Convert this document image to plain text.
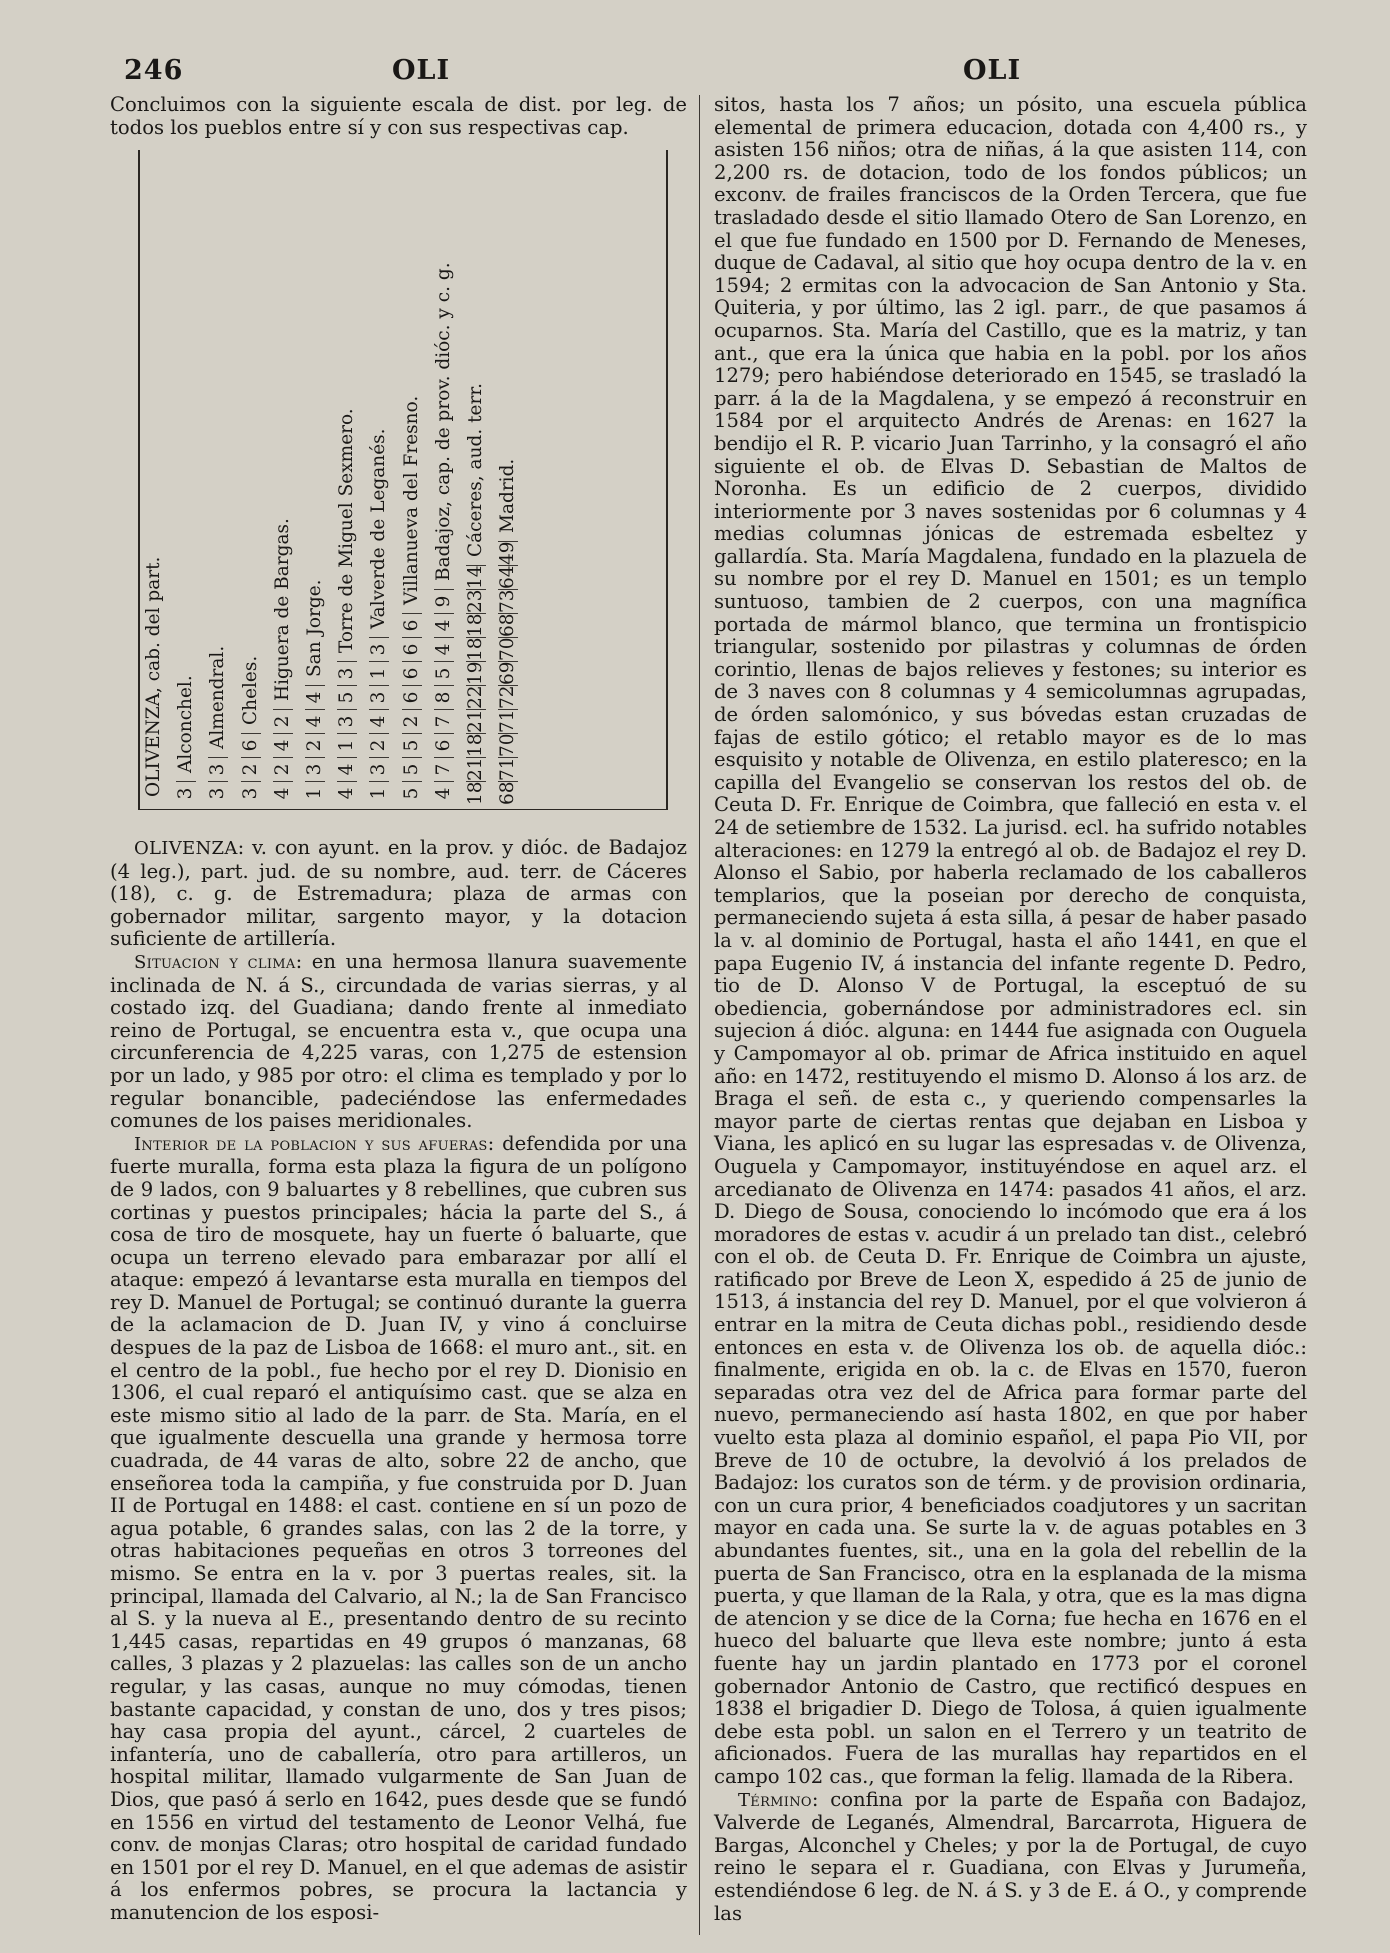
246	OLI	OLI

Concluimos con la siguiente escala de dist. por leg. de todos los pueblos entre sí y con sus respectivas cap.

OLIVENZA, cab. del part. 3
Alconchel.
3
3
Almendral.
3
2
6
Cheles.
4
2
4
2
Higuera de Bargas.
1
3
2
4
4
San Jorge.
4
4
1
3
5
3
Torre de Miguel Sexmero.
1
3
2
4
3
1
3
Valverde de Leganés.
5
5
5
2
6
6
6
6
Villanueva del Fresno.
4
7
6
7
8
5
4
4
9
Badajoz, cap. de prov. dióc. y c. g.
18
21
18
21
22
19
18
18
23
14
Cáceres, aud. terr.
68
71
70
71
72
69
70
68
73
64
49
Madrid.

OLIVENZA: v. con ayunt. en la prov. y dióc. de Badajoz (4 leg.), part. jud. de su nombre, aud. terr. de Cáceres (18), c. g. de Estremadura; plaza de armas con gobernador militar, sargento mayor, y la dotacion suficiente de artillería.

Situacion y clima: en una hermosa llanura suavemente inclinada de N. á S., circundada de varias sierras, y al costado izq. del Guadiana; dando frente al inmediato reino de Portugal, se encuentra esta v., que ocupa una circunferencia de 4,225 varas, con 1,275 de estension por un lado, y 985 por otro: el clima es templado y por lo regular bonancible, padeciéndose las enfermedades comunes de los paises meridionales.

Interior de la poblacion y sus afueras: defendida por una fuerte muralla, forma esta plaza la figura de un polígono de 9 lados, con 9 baluartes y 8 rebellines, que cubren sus cortinas y puestos principales; hácia la parte del S., á cosa de tiro de mosquete, hay un fuerte ó baluarte, que ocupa un terreno elevado para embarazar por allí el ataque: empezó á levantarse esta muralla en tiempos del rey D. Manuel de Portugal; se continuó durante la guerra de la aclamacion de D. Juan IV, y vino á concluirse despues de la paz de Lisboa de 1668: el muro ant., sit. en el centro de la pobl., fue hecho por el rey D. Dionisio en 1306, el cual reparó el antiquísimo cast. que se alza en este mismo sitio al lado de la parr. de Sta. María, en el que igualmente descuella una grande y hermosa torre cuadrada, de 44 varas de alto, sobre 22 de ancho, que enseñorea toda la campiña, y fue construida por D. Juan II de Portugal en 1488: el cast. contiene en sí un pozo de agua potable, 6 grandes salas, con las 2 de la torre, y otras habitaciones pequeñas en otros 3 torreones del mismo. Se entra en la v. por 3 puertas reales, sit. la principal, llamada del Calvario, al N.; la de San Francisco al S. y la nueva al E., presentando dentro de su recinto 1,445 casas, repartidas en 49 grupos ó manzanas, 68 calles, 3 plazas y 2 plazuelas: las calles son de un ancho regular, y las casas, aunque no muy cómodas, tienen bastante capacidad, y constan de uno, dos y tres pisos; hay casa propia del ayunt., cárcel, 2 cuarteles de infantería, uno de caballería, otro para artilleros, un hospital militar, llamado vulgarmente de San Juan de Dios, que pasó á serlo en 1642, pues desde que se fundó en 1556 en virtud del testamento de Leonor Velhá, fue conv. de monjas Claras; otro hospital de caridad fundado en 1501 por el rey D. Manuel, en el que ademas de asistir á los enfermos pobres, se procura la lactancia y manutencion de los esposi-

sitos, hasta los 7 años; un pósito, una escuela pública elemental de primera educacion, dotada con 4,400 rs., y asisten 156 niños; otra de niñas, á la que asisten 114, con 2,200 rs. de dotacion, todo de los fondos públicos; un exconv. de frailes franciscos de la Orden Tercera, que fue trasladado desde el sitio llamado Otero de San Lorenzo, en el que fue fundado en 1500 por D. Fernando de Meneses, duque de Cadaval, al sitio que hoy ocupa dentro de la v. en 1594; 2 ermitas con la advocacion de San Antonio y Sta. Quiteria, y por último, las 2 igl. parr., de que pasamos á ocuparnos. Sta. María del Castillo, que es la matriz, y tan ant., que era la única que habia en la pobl. por los años 1279; pero habiéndose deteriorado en 1545, se trasladó la parr. á la de la Magdalena, y se empezó á reconstruir en 1584 por el arquitecto Andrés de Arenas: en 1627 la bendijo el R. P. vicario Juan Tarrinho, y la consagró el año siguiente el ob. de Elvas D. Sebastian de Maltos de Noronha. Es un edificio de 2 cuerpos, dividido interiormente por 3 naves sostenidas por 6 columnas y 4 medias columnas jónicas de estremada esbeltez y gallardía. Sta. María Magdalena, fundado en la plazuela de su nombre por el rey D. Manuel en 1501; es un templo suntuoso, tambien de 2 cuerpos, con una magnífica portada de mármol blanco, que termina un frontispicio triangular, sostenido por pilastras y columnas de órden corintio, llenas de bajos relieves y festones; su interior es de 3 naves con 8 columnas y 4 semicolumnas agrupadas, de órden salomónico, y sus bóvedas estan cruzadas de fajas de estilo gótico; el retablo mayor es de lo mas esquisito y notable de Olivenza, en estilo plateresco; en la capilla del Evangelio se conservan los restos del ob. de Ceuta D. Fr. Enrique de Coimbra, que falleció en esta v. el 24 de setiembre de 1532. La jurisd. ecl. ha sufrido notables alteraciones: en 1279 la entregó al ob. de Badajoz el rey D. Alonso el Sabio, por haberla reclamado de los caballeros templarios, que la poseian por derecho de conquista, permaneciendo sujeta á esta silla, á pesar de haber pasado la v. al dominio de Portugal, hasta el año 1441, en que el papa Eugenio IV, á instancia del infante regente D. Pedro, tio de D. Alonso V de Portugal, la esceptuó de su obediencia, gobernándose por administradores ecl. sin sujecion á dióc. alguna: en 1444 fue asignada con Ouguela y Campomayor al ob. primar de Africa instituido en aquel año: en 1472, restituyendo el mismo D. Alonso á los arz. de Braga el señ. de esta c., y queriendo compensarles la mayor parte de ciertas rentas que dejaban en Lisboa y Viana, les aplicó en su lugar las espresadas v. de Olivenza, Ouguela y Campomayor, instituyéndose en aquel arz. el arcedianato de Olivenza en 1474: pasados 41 años, el arz. D. Diego de Sousa, conociendo lo incómodo que era á los moradores de estas v. acudir á un prelado tan dist., celebró con el ob. de Ceuta D. Fr. Enrique de Coimbra un ajuste, ratificado por Breve de Leon X, espedido á 25 de junio de 1513, á instancia del rey D. Manuel, por el que volvieron á entrar en la mitra de Ceuta dichas pobl., residiendo desde entonces en esta v. de Olivenza los ob. de aquella dióc.: finalmente, erigida en ob. la c. de Elvas en 1570, fueron separadas otra vez del de Africa para formar parte del nuevo, permaneciendo así hasta 1802, en que por haber vuelto esta plaza al dominio español, el papa Pio VII, por Breve de 10 de octubre, la devolvió á los prelados de Badajoz: los curatos son de térm. y de provision ordinaria, con un cura prior, 4 beneficiados coadjutores y un sacritan mayor en cada una. Se surte la v. de aguas potables en 3 abundantes fuentes, sit., una en la gola del rebellin de la puerta de San Francisco, otra en la esplanada de la misma puerta, y que llaman de la Rala, y otra, que es la mas digna de atencion y se dice de la Corna; fue hecha en 1676 en el hueco del baluarte que lleva este nombre; junto á esta fuente hay un jardin plantado en 1773 por el coronel gobernador Antonio de Castro, que rectificó despues en 1838 el brigadier D. Diego de Tolosa, á quien igualmente debe esta pobl. un salon en el Terrero y un teatrito de aficionados. Fuera de las murallas hay repartidos en el campo 102 cas., que forman la felig. llamada de la Ribera.

Término: confina por la parte de España con Badajoz, Valverde de Leganés, Almendral, Barcarrota, Higuera de Bargas, Alconchel y Cheles; y por la de Portugal, de cuyo reino le separa el r. Guadiana, con Elvas y Jurumeña, estendiéndose 6 leg. de N. á S. y 3 de E. á O., y comprende las
